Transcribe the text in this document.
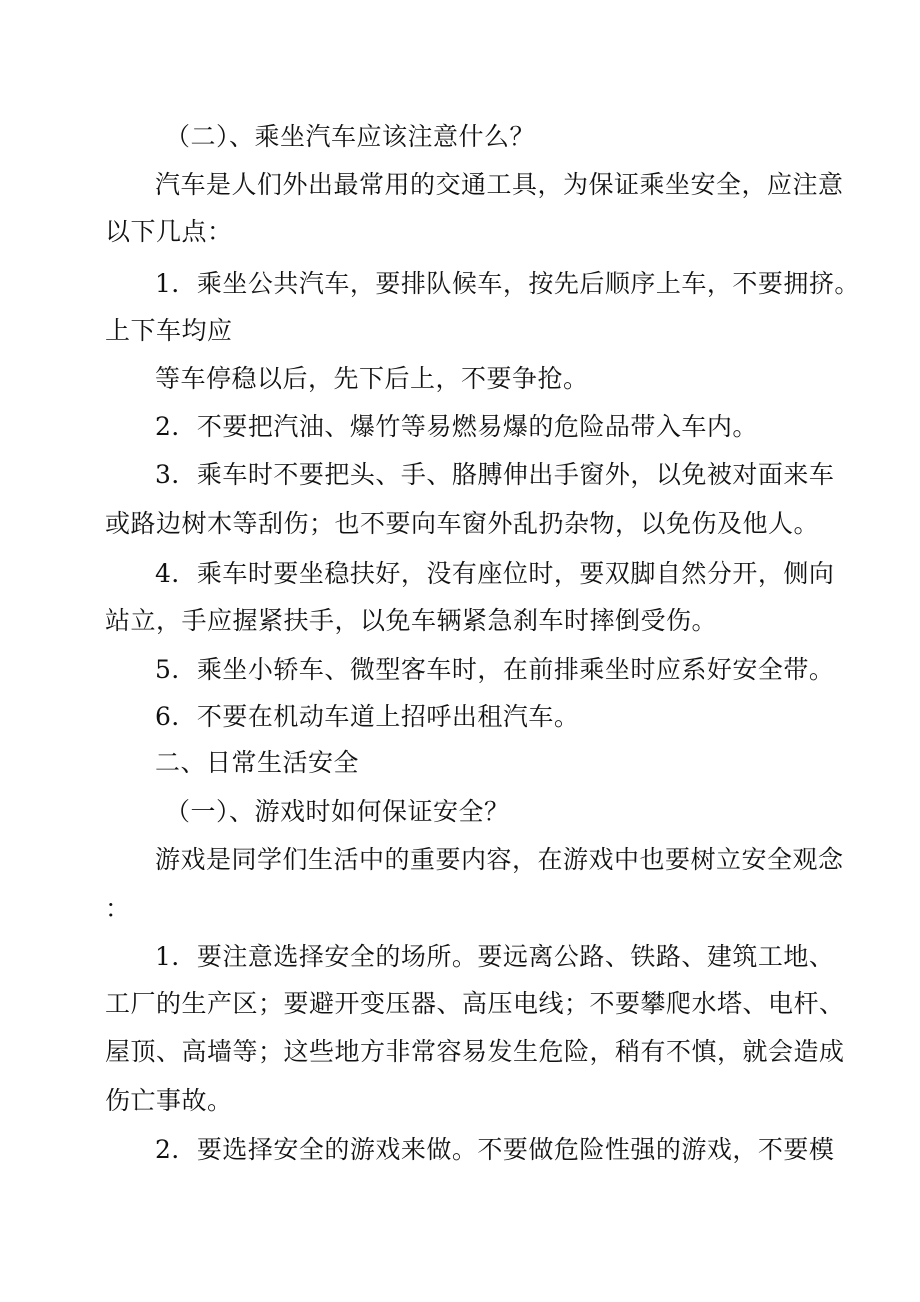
（二）、乘坐汽车应该注意什么？
汽车是人们外出最常用的交通工具，为保证乘坐安全，应注意
以下几点：
1．乘坐公共汽车，要排队候车，按先后顺序上车，不要拥挤。
上下车均应
等车停稳以后，先下后上，不要争抢。
2．不要把汽油、爆竹等易燃易爆的危险品带入车内。
3．乘车时不要把头、手、胳膊伸出手窗外，以免被对面来车
或路边树木等刮伤；也不要向车窗外乱扔杂物，以免伤及他人。
4．乘车时要坐稳扶好，没有座位时，要双脚自然分开，侧向
站立，手应握紧扶手，以免车辆紧急刹车时摔倒受伤。
5．乘坐小轿车、微型客车时，在前排乘坐时应系好安全带。
6．不要在机动车道上招呼出租汽车。
二、日常生活安全
（一）、游戏时如何保证安全？
游戏是同学们生活中的重要内容，在游戏中也要树立安全观念
：
1．要注意选择安全的场所。要远离公路、铁路、建筑工地、
工厂的生产区；要避开变压器、高压电线；不要攀爬水塔、电杆、
屋顶、高墙等；这些地方非常容易发生危险，稍有不慎，就会造成
伤亡事故。
2．要选择安全的游戏来做。不要做危险性强的游戏，不要模
